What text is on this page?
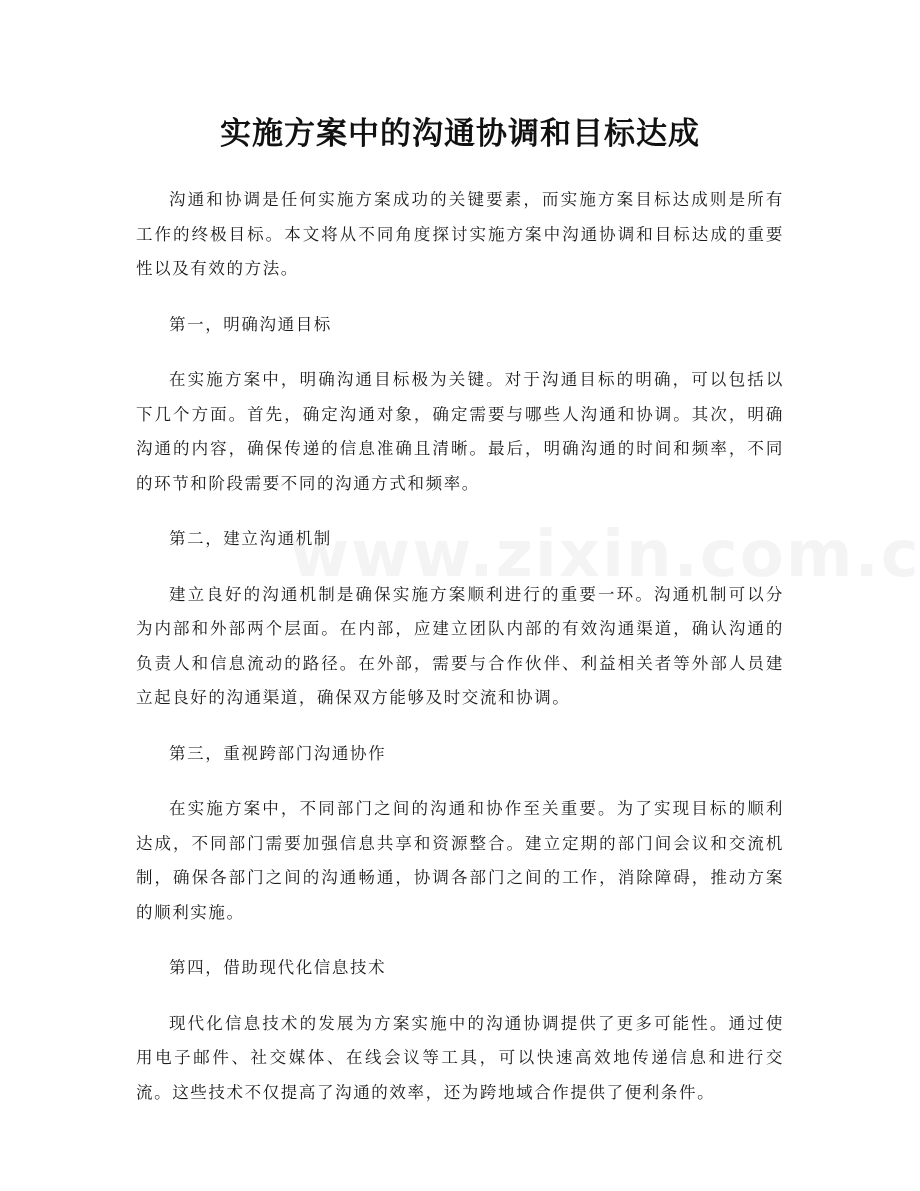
实施方案中的沟通协调和目标达成

沟通和协调是任何实施方案成功的关键要素，而实施方案目标达成则是所有工作的终极目标。本文将从不同角度探讨实施方案中沟通协调和目标达成的重要性以及有效的方法。

第一，明确沟通目标

在实施方案中，明确沟通目标极为关键。对于沟通目标的明确，可以包括以下几个方面。首先，确定沟通对象，确定需要与哪些人沟通和协调。其次，明确沟通的内容，确保传递的信息准确且清晰。最后，明确沟通的时间和频率，不同的环节和阶段需要不同的沟通方式和频率。

第二，建立沟通机制

建立良好的沟通机制是确保实施方案顺利进行的重要一环。沟通机制可以分为内部和外部两个层面。在内部，应建立团队内部的有效沟通渠道，确认沟通的负责人和信息流动的路径。在外部，需要与合作伙伴、利益相关者等外部人员建立起良好的沟通渠道，确保双方能够及时交流和协调。

第三，重视跨部门沟通协作

在实施方案中，不同部门之间的沟通和协作至关重要。为了实现目标的顺利达成，不同部门需要加强信息共享和资源整合。建立定期的部门间会议和交流机制，确保各部门之间的沟通畅通，协调各部门之间的工作，消除障碍，推动方案的顺利实施。

第四，借助现代化信息技术

现代化信息技术的发展为方案实施中的沟通协调提供了更多可能性。通过使用电子邮件、社交媒体、在线会议等工具，可以快速高效地传递信息和进行交流。这些技术不仅提高了沟通的效率，还为跨地域合作提供了便利条件。
